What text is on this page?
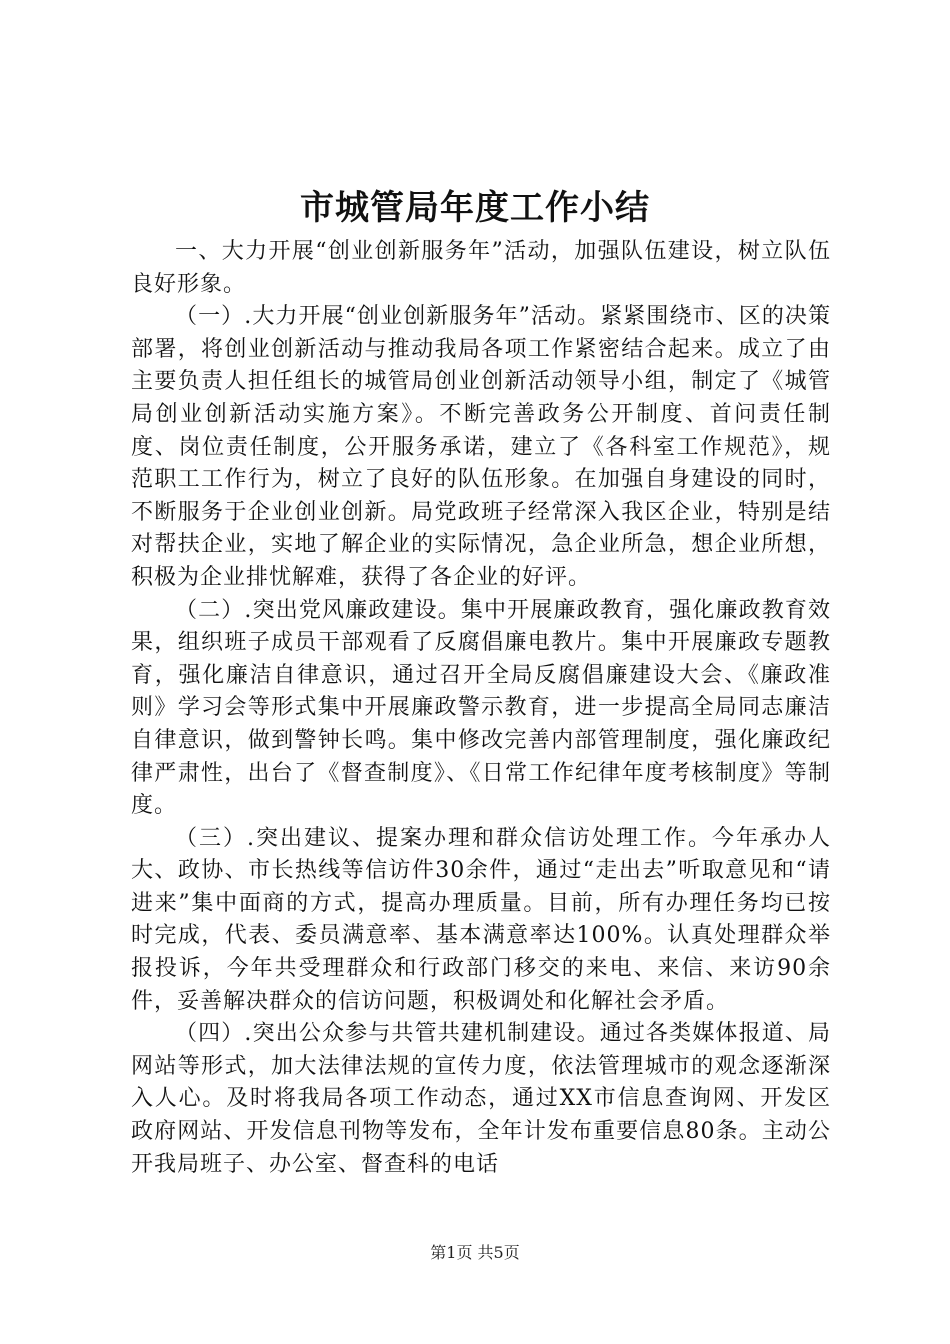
市城管局年度工作小结

一、大力开展“创业创新服务年”活动，加强队伍建设，树立队伍良好形象。

（一）.大力开展“创业创新服务年”活动。紧紧围绕市、区的决策部署，将创业创新活动与推动我局各项工作紧密结合起来。成立了由主要负责人担任组长的城管局创业创新活动领导小组，制定了《城管局创业创新活动实施方案》。不断完善政务公开制度、首问责任制度、岗位责任制度，公开服务承诺，建立了《各科室工作规范》，规范职工工作行为，树立了良好的队伍形象。在加强自身建设的同时，不断服务于企业创业创新。局党政班子经常深入我区企业，特别是结对帮扶企业，实地了解企业的实际情况，急企业所急，想企业所想，积极为企业排忧解难，获得了各企业的好评。

（二）.突出党风廉政建设。集中开展廉政教育，强化廉政教育效果，组织班子成员干部观看了反腐倡廉电教片。集中开展廉政专题教育，强化廉洁自律意识，通过召开全局反腐倡廉建设大会、《廉政准则》学习会等形式集中开展廉政警示教育，进一步提高全局同志廉洁自律意识，做到警钟长鸣。集中修改完善内部管理制度，强化廉政纪律严肃性，出台了《督查制度》、《日常工作纪律年度考核制度》等制度。

（三）.突出建议、提案办理和群众信访处理工作。今年承办人大、政协、市长热线等信访件30余件，通过“走出去”听取意见和“请进来”集中面商的方式，提高办理质量。目前，所有办理任务均已按时完成，代表、委员满意率、基本满意率达100%。认真处理群众举报投诉，今年共受理群众和行政部门移交的来电、来信、来访90余件，妥善解决群众的信访问题，积极调处和化解社会矛盾。

（四）.突出公众参与共管共建机制建设。通过各类媒体报道、局网站等形式，加大法律法规的宣传力度，依法管理城市的观念逐渐深入人心。及时将我局各项工作动态，通过XX市信息查询网、开发区政府网站、开发信息刊物等发布，全年计发布重要信息80条。主动公开我局班子、办公室、督查科的电话

第1页 共5页
